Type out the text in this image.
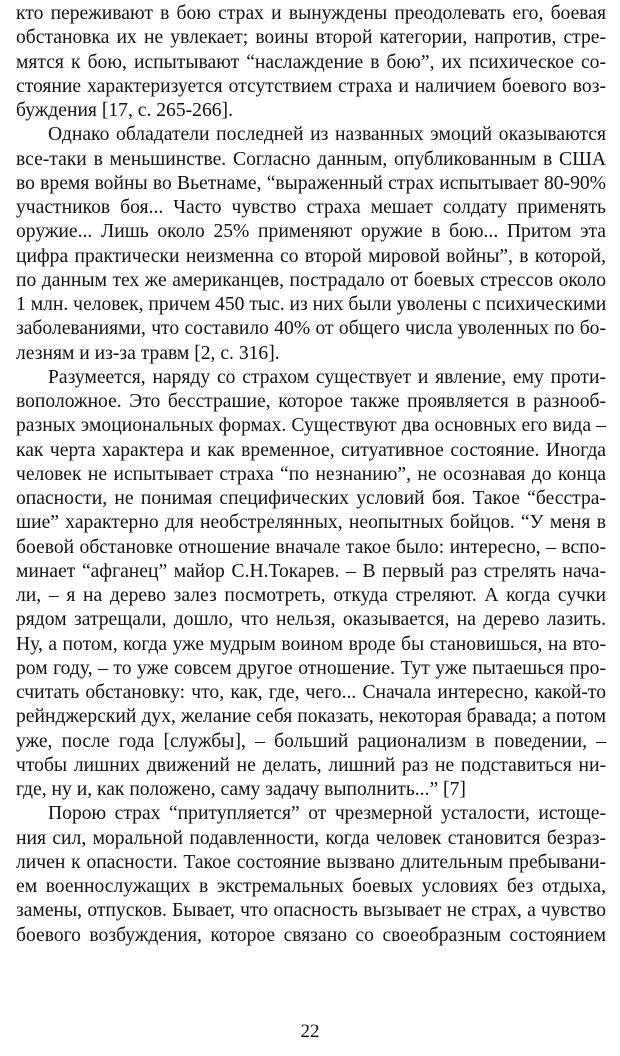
кто переживают в бою страх и вынуждены преодолевать его, боевая
обстановка их не увлекает; воины второй категории, напротив, стре-
мятся к бою, испытывают “наслаждение в бою”, их психическое со-
стояние характеризуется отсутствием страха и наличием боевого воз-
буждения [17, с. 265-266].
Однако обладатели последней из названных эмоций оказываются
все-таки в меньшинстве. Согласно данным, опубликованным в США
во время войны во Вьетнаме, “выраженный страх испытывает 80-90%
участников боя... Часто чувство страха мешает солдату применять
оружие... Лишь около 25% применяют оружие в бою... Притом эта
цифра практически неизменна со второй мировой войны”, в которой,
по данным тех же американцев, пострадало от боевых стрессов около
1 млн. человек, причем 450 тыс. из них были уволены с психическими
заболеваниями, что составило 40% от общего числа уволенных по бо-
лезням и из-за травм [2, с. 316].
Разумеется, наряду со страхом существует и явление, ему проти-
воположное. Это бесстрашие, которое также проявляется в разнооб-
разных эмоциональных формах. Существуют два основных его вида –
как черта характера и как временное, ситуативное состояние. Иногда
человек не испытывает страха “по незнанию”, не осознавая до конца
опасности, не понимая специфических условий боя. Такое “бесстра-
шие” характерно для необстрелянных, неопытных бойцов. “У меня в
боевой обстановке отношение вначале такое было: интересно, – вспо-
минает “афганец” майор С.Н.Токарев. – В первый раз стрелять нача-
ли, – я на дерево залез посмотреть, откуда стреляют. А когда сучки
рядом затрещали, дошло, что нельзя, оказывается, на дерево лазить.
Ну, а потом, когда уже мудрым воином вроде бы становишься, на вто-
ром году, – то уже совсем другое отношение. Тут уже пытаешься про-
считать обстановку: что, как, где, чего... Сначала интересно, какой-то
рейнджерский дух, желание себя показать, некоторая бравада; а потом
уже, после года [службы], – больший рационализм в поведении, –
чтобы лишних движений не делать, лишний раз не подставиться ни-
где, ну и, как положено, саму задачу выполнить...” [7]
Порою страх “притупляется” от чрезмерной усталости, истоще-
ния сил, моральной подавленности, когда человек становится безраз-
личен к опасности. Такое состояние вызвано длительным пребывани-
ем военнослужащих в экстремальных боевых условиях без отдыха,
замены, отпусков. Бывает, что опасность вызывает не страх, а чувство
боевого возбуждения, которое связано со своеобразным состоянием
22
